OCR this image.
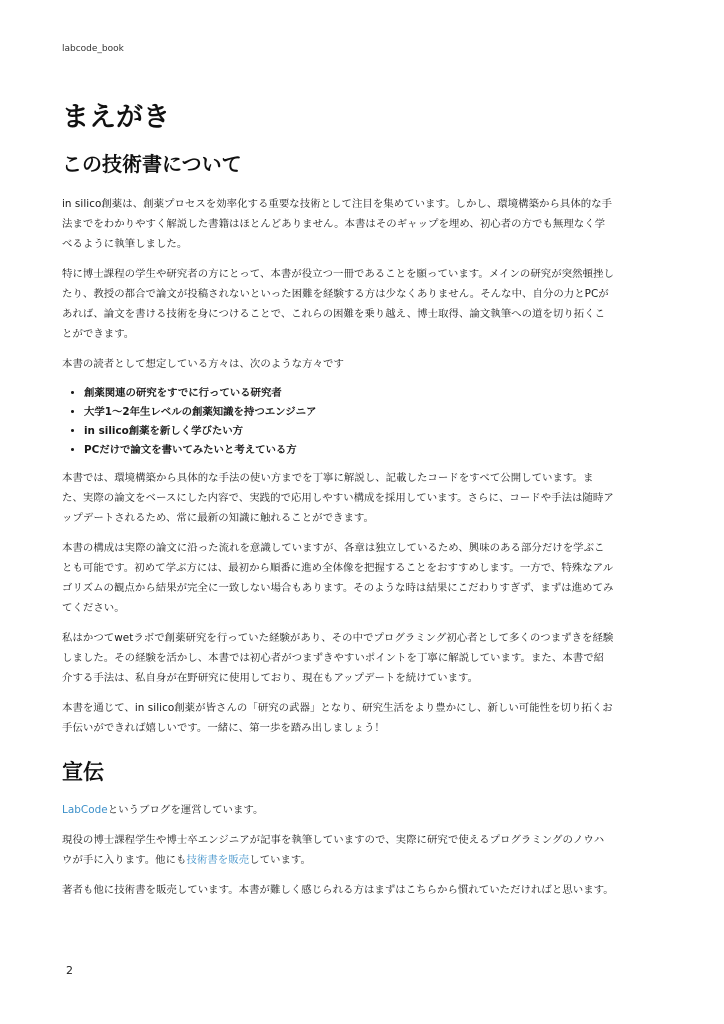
labcode_book
まえがき
この技術書について

in silico創薬は、創薬プロセスを効率化する重要な技術として注目を集めています。しかし、環境構築から具体的な手法までをわかりやすく解説した書籍はほとんどありません。本書はそのギャップを埋め、初心者の方でも無理なく学べるように執筆しました。

特に博士課程の学生や研究者の方にとって、本書が役立つ一冊であることを願っています。メインの研究が突然頓挫したり、教授の都合で論文が投稿されないといった困難を経験する方は少なくありません。そんな中、自分の力とPCがあれば、論文を書ける技術を身につけることで、これらの困難を乗り越え、博士取得、論文執筆への道を切り拓くことができます。

本書の読者として想定している方々は、次のような方々です

• 創薬関連の研究をすでに行っている研究者
• 大学1〜2年生レベルの創薬知識を持つエンジニア
• in silico創薬を新しく学びたい方
• PCだけで論文を書いてみたいと考えている方

本書では、環境構築から具体的な手法の使い方までを丁寧に解説し、記載したコードをすべて公開しています。また、実際の論文をベースにした内容で、実践的で応用しやすい構成を採用しています。さらに、コードや手法は随時アップデートされるため、常に最新の知識に触れることができます。

本書の構成は実際の論文に沿った流れを意識していますが、各章は独立しているため、興味のある部分だけを学ぶことも可能です。初めて学ぶ方には、最初から順番に進め全体像を把握することをおすすめします。一方で、特殊なアルゴリズムの観点から結果が完全に一致しない場合もあります。そのような時は結果にこだわりすぎず、まずは進めてみてください。

私はかつてwetラボで創薬研究を行っていた経験があり、その中でプログラミング初心者として多くのつまずきを経験しました。その経験を活かし、本書では初心者がつまずきやすいポイントを丁寧に解説しています。また、本書で紹介する手法は、私自身が在野研究に使用しており、現在もアップデートを続けています。

本書を通じて、in silico創薬が皆さんの「研究の武器」となり、研究生活をより豊かにし、新しい可能性を切り拓くお手伝いができれば嬉しいです。一緒に、第一歩を踏み出しましょう！

宣伝

LabCodeというブログを運営しています。

現役の博士課程学生や博士卒エンジニアが記事を執筆していますので、実際に研究で使えるプログラミングのノウハウが手に入ります。他にも技術書を販売しています。

著者も他に技術書を販売しています。本書が難しく感じられる方はまずはこちらから慣れていただければと思います。

2
